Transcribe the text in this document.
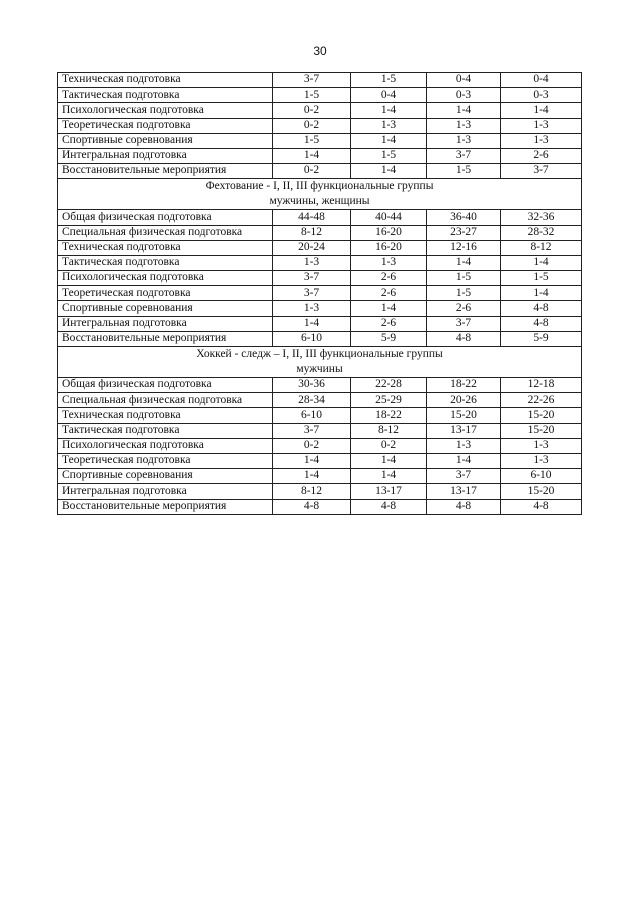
30
Техническая подготовка	3-7	1-5	0-4	0-4
Тактическая подготовка	1-5	0-4	0-3	0-3
Психологическая подготовка	0-2	1-4	1-4	1-4
Теоретическая подготовка	0-2	1-3	1-3	1-3
Спортивные соревнования	1-5	1-4	1-3	1-3
Интегральная подготовка	1-4	1-5	3-7	2-6
Восстановительные мероприятия	0-2	1-4	1-5	3-7

Фехтование - I, II, III функциональные группы
мужчины, женщины				

Общая физическая подготовка	44-48	40-44	36-40	32-36
Специальная физическая подготовка	8-12	16-20	23-27	28-32
Техническая подготовка	20-24	16-20	12-16	8-12
Тактическая подготовка	1-3	1-3	1-4	1-4
Психологическая подготовка	3-7	2-6	1-5	1-5
Теоретическая подготовка	3-7	2-6	1-5	1-4
Спортивные соревнования	1-3	1-4	2-6	4-8
Интегральная подготовка	1-4	2-6	3-7	4-8
Восстановительные мероприятия	6-10	5-9	4-8	5-9

Хоккей - следж – I, II, III функциональные группы
мужчины				

Общая физическая подготовка	30-36	22-28	18-22	12-18
Специальная физическая подготовка	28-34	25-29	20-26	22-26
Техническая подготовка	6-10	18-22	15-20	15-20
Тактическая подготовка	3-7	8-12	13-17	15-20
Психологическая подготовка	0-2	0-2	1-3	1-3
Теоретическая подготовка	1-4	1-4	1-4	1-3
Спортивные соревнования	1-4	1-4	3-7	6-10
Интегральная подготовка	8-12	13-17	13-17	15-20
Восстановительные мероприятия	4-8	4-8	4-8	4-8
